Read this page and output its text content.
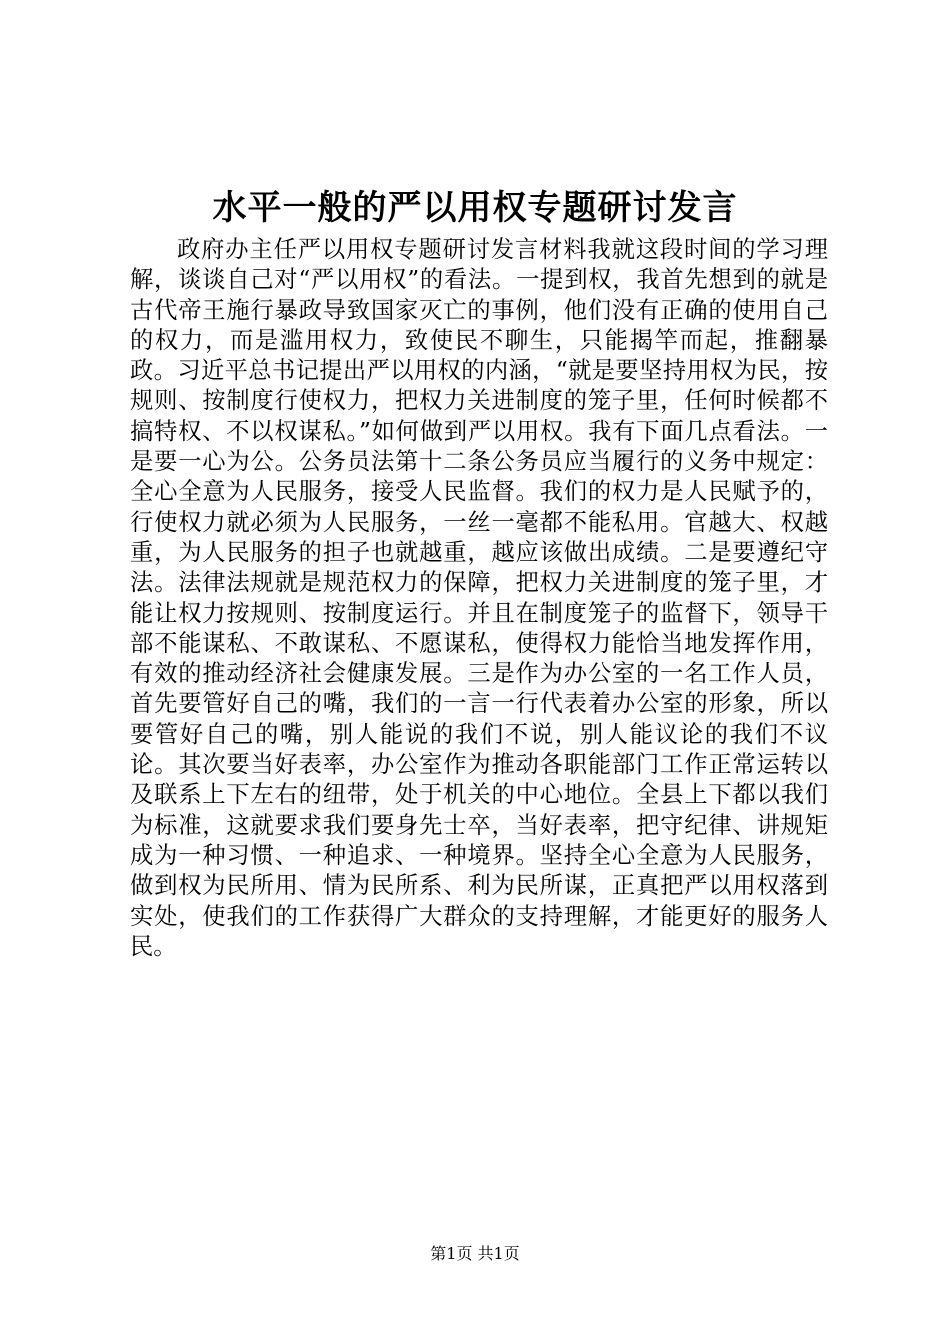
水平一般的严以用权专题研讨发言

政府办主任严以用权专题研讨发言材料我就这段时间的学习理解，谈谈自己对“严以用权”的看法。一提到权，我首先想到的就是古代帝王施行暴政导致国家灭亡的事例，他们没有正确的使用自己的权力，而是滥用权力，致使民不聊生，只能揭竿而起，推翻暴政。习近平总书记提出严以用权的内涵，“就是要坚持用权为民，按规则、按制度行使权力，把权力关进制度的笼子里，任何时候都不搞特权、不以权谋私。”如何做到严以用权。我有下面几点看法。一是要一心为公。公务员法第十二条公务员应当履行的义务中规定：全心全意为人民服务，接受人民监督。我们的权力是人民赋予的，行使权力就必须为人民服务，一丝一毫都不能私用。官越大、权越重，为人民服务的担子也就越重，越应该做出成绩。二是要遵纪守法。法律法规就是规范权力的保障，把权力关进制度的笼子里，才能让权力按规则、按制度运行。并且在制度笼子的监督下，领导干部不能谋私、不敢谋私、不愿谋私，使得权力能恰当地发挥作用，有效的推动经济社会健康发展。三是作为办公室的一名工作人员，首先要管好自己的嘴，我们的一言一行代表着办公室的形象，所以要管好自己的嘴，别人能说的我们不说，别人能议论的我们不议论。其次要当好表率，办公室作为推动各职能部门工作正常运转以及联系上下左右的纽带，处于机关的中心地位。全县上下都以我们为标准，这就要求我们要身先士卒，当好表率，把守纪律、讲规矩成为一种习惯、一种追求、一种境界。坚持全心全意为人民服务，做到权为民所用、情为民所系、利为民所谋，正真把严以用权落到实处，使我们的工作获得广大群众的支持理解，才能更好的服务人民。

第1页 共1页
